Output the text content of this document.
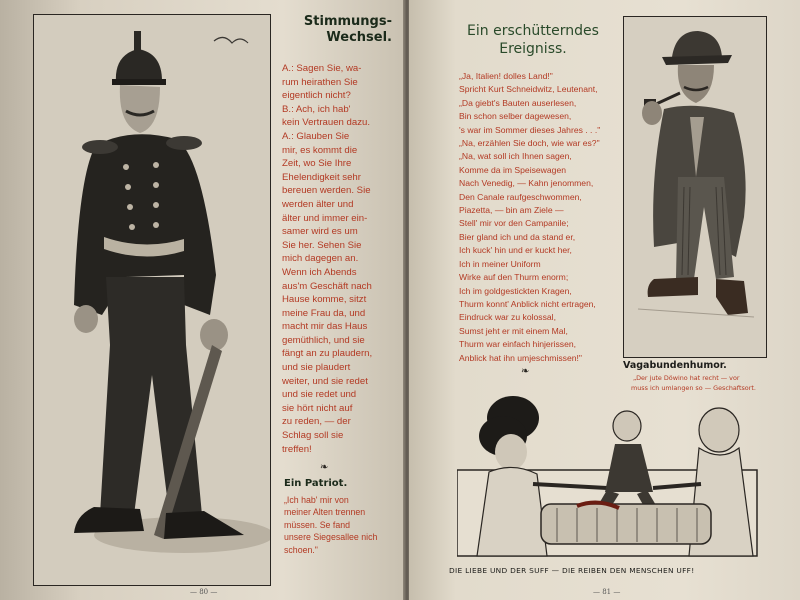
Stimmungs-
Wechsel.
A.: Sagen Sie, wa-
rum heirathen Sie
eigentlich nicht?
B.: Ach, ich hab'
kein Vertrauen dazu.
A.: Glauben Sie
mir, es kommt die
Zeit, wo Sie Ihre
Ehelendigkeit sehr
bereuen werden. Sie
werden älter und
älter und immer ein-
samer wird es um
Sie her. Sehen Sie
mich dagegen an.
Wenn ich Abends
aus'm Geschäft nach
Hause komme, sitzt
meine Frau da, und
macht mir das Haus
gemüthlich, und sie
fängt an zu plaudern,
und sie plaudert
weiter, und sie redet
und sie redet und
sie hört nicht auf
zu reden, — der
Schlag soll sie
treffen!
❧
Ein Patriot.
„Ich hab' mir von
meiner Alten trennen
müssen. Se fand
unsere Siegesallee nich
schoen."
— 80 —
Ein erschütterndes
Ereigniss.
„Ja, Italien! dolles Land!"
Spricht Kurt Schneidwitz, Leutenant,
„Da giebt's Bauten auserlesen,
Bin schon selber dagewesen,
's war im Sommer dieses Jahres . . ."
„Na, erzählen Sie doch, wie war es?"
„Na, wat soll ich Ihnen sagen,
Komme da im Speisewagen
Nach Venedig, — Kahn jenommen,
Den Canale raufgeschwommen,
Piazetta, — bin am Ziele —
Stell' mir vor den Campanile;
Bier gland ich und da stand er,
Ich kuck' hin und er kuckt her,
Ich in meiner Uniform
Wirke auf den Thurm enorm;
Ich im goldgestickten Kragen,
Thurm konnt' Anblick nicht ertragen,
Eindruck war zu kolossal,
Sumst jeht er mit einem Mal,
Thurm war einfach hinjerissen,
Anblick hat ihn umjeschmissen!"
❧
Vagabundenhumor.
„Der jute Döwino hat recht — vor
muss ich umlangen so — Geschaftsort.
DIE LIEBE UND DER SUFF — DIE REIBEN DEN MENSCHEN UFF!
— 81 —
